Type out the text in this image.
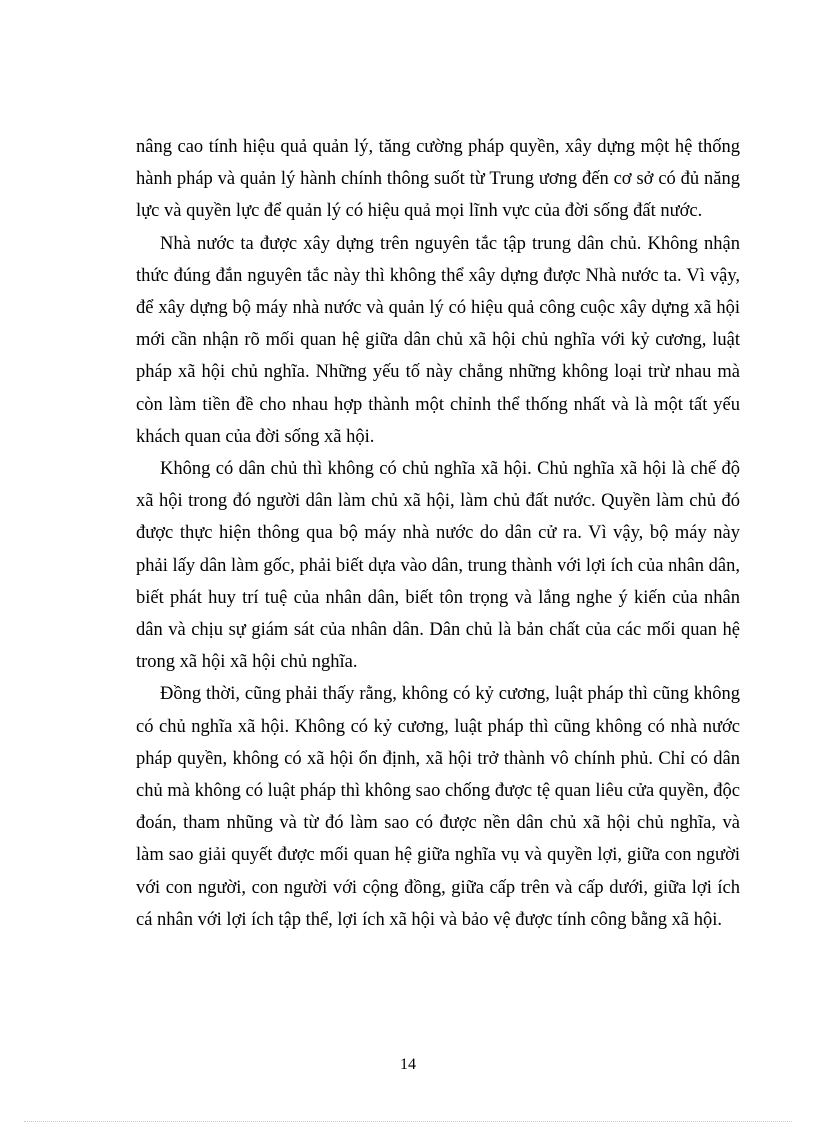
nâng cao tính hiệu quả quản lý, tăng cường pháp quyền, xây dựng một hệ thống hành pháp và quản lý hành chính thông suốt từ Trung ương đến cơ sở có đủ năng lực và quyền lực để quản lý có hiệu quả mọi lĩnh vực của đời sống đất nước.

Nhà nước ta được xây dựng trên nguyên tắc tập trung dân chủ. Không nhận thức đúng đắn nguyên tắc này thì không thể xây dựng được Nhà nước ta. Vì vậy, để xây dựng bộ máy nhà nước và quản lý có hiệu quả công cuộc xây dựng xã hội mới cần nhận rõ mối quan hệ giữa dân chủ xã hội chủ nghĩa với kỷ cương, luật pháp xã hội chủ nghĩa. Những yếu tố này chẳng những không loại trừ nhau mà còn làm tiền đề cho nhau hợp thành một chỉnh thể thống nhất và là một tất yếu khách quan của đời sống xã hội.

Không có dân chủ thì không có chủ nghĩa xã hội. Chủ nghĩa xã hội là chế độ xã hội trong đó người dân làm chủ xã hội, làm chủ đất nước. Quyền làm chủ đó được thực hiện thông qua bộ máy nhà nước do dân cử ra. Vì vậy, bộ máy này phải lấy dân làm gốc, phải biết dựa vào dân, trung thành với lợi ích của nhân dân, biết phát huy trí tuệ của nhân dân, biết tôn trọng và lắng nghe ý kiến của nhân dân và chịu sự giám sát của nhân dân. Dân chủ là bản chất của các mối quan hệ trong xã hội xã hội chủ nghĩa.

Đồng thời, cũng phải thấy rằng, không có kỷ cương, luật pháp thì cũng không có chủ nghĩa xã hội. Không có kỷ cương, luật pháp thì cũng không có nhà nước pháp quyền, không có xã hội ổn định, xã hội trở thành vô chính phủ. Chỉ có dân chủ mà không có luật pháp thì không sao chống được tệ quan liêu cửa quyền, độc đoán, tham nhũng và từ đó làm sao có được nền dân chủ xã hội chủ nghĩa, và làm sao giải quyết được mối quan hệ giữa nghĩa vụ và quyền lợi, giữa con người với con người, con người với cộng đồng, giữa cấp trên và cấp dưới, giữa lợi ích cá nhân với lợi ích tập thể, lợi ích xã hội và bảo vệ được tính công bằng xã hội.

14
